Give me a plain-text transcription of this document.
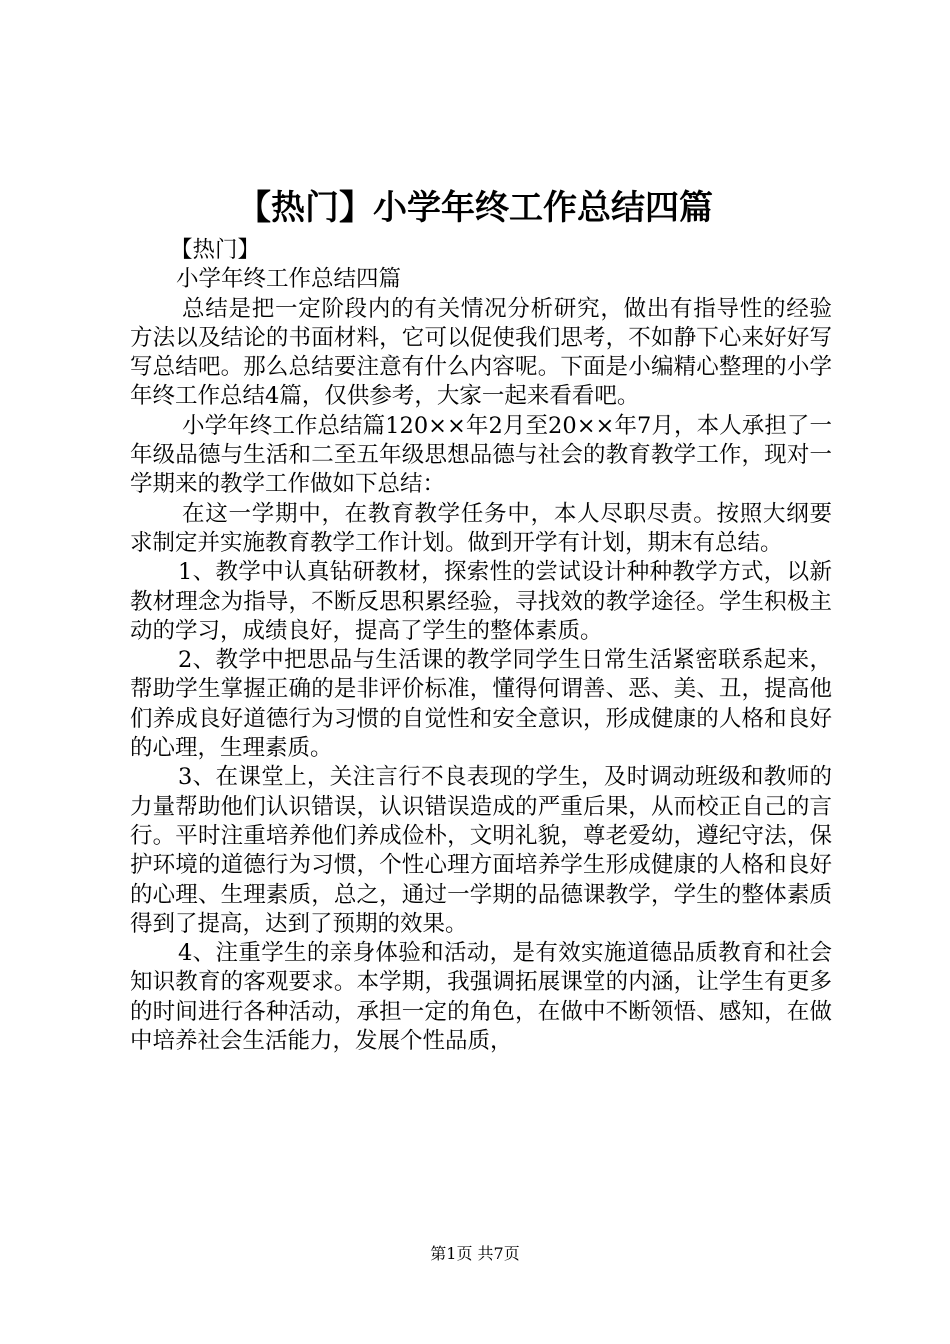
【热门】小学年终工作总结四篇

【热门】

小学年终工作总结四篇

总结是把一定阶段内的有关情况分析研究，做出有指导性的经验方法以及结论的书面材料，它可以促使我们思考，不如静下心来好好写写总结吧。那么总结要注意有什么内容呢。下面是小编精心整理的小学年终工作总结4篇，仅供参考，大家一起来看看吧。

小学年终工作总结篇120××年2月至20××年7月，本人承担了一年级品德与生活和二至五年级思想品德与社会的教育教学工作，现对一学期来的教学工作做如下总结：

在这一学期中，在教育教学任务中，本人尽职尽责。按照大纲要求制定并实施教育教学工作计划。做到开学有计划，期末有总结。

1、教学中认真钻研教材，探索性的尝试设计种种教学方式，以新教材理念为指导，不断反思积累经验，寻找效的教学途径。学生积极主动的学习，成绩良好，提高了学生的整体素质。

2、教学中把思品与生活课的教学同学生日常生活紧密联系起来，帮助学生掌握正确的是非评价标准，懂得何谓善、恶、美、丑，提高他们养成良好道德行为习惯的自觉性和安全意识，形成健康的人格和良好的心理，生理素质。

3、在课堂上，关注言行不良表现的学生，及时调动班级和教师的力量帮助他们认识错误，认识错误造成的严重后果，从而校正自己的言行。平时注重培养他们养成俭朴，文明礼貌，尊老爱幼，遵纪守法，保护环境的道德行为习惯，个性心理方面培养学生形成健康的人格和良好的心理、生理素质，总之，通过一学期的品德课教学，学生的整体素质得到了提高，达到了预期的效果。

4、注重学生的亲身体验和活动，是有效实施道德品质教育和社会知识教育的客观要求。本学期，我强调拓展课堂的内涵，让学生有更多的时间进行各种活动，承担一定的角色，在做中不断领悟、感知，在做中培养社会生活能力，发展个性品质，

第1页 共7页
